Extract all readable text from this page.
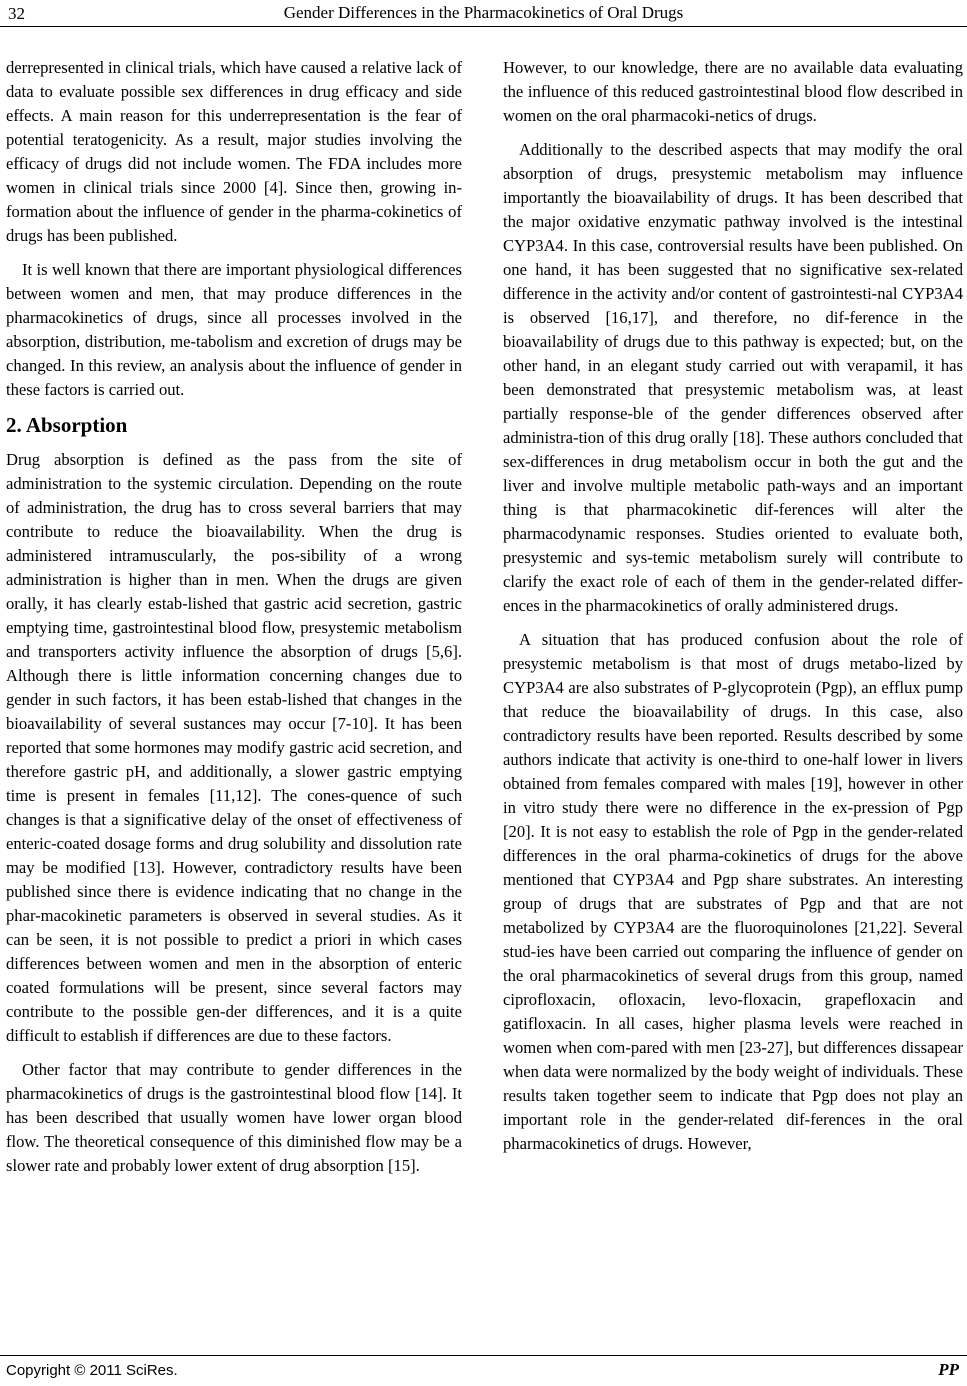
32	Gender Differences in the Pharmacokinetics of Oral Drugs

derrepresented in clinical trials, which have caused a relative lack of data to evaluate possible sex differences in drug efficacy and side effects. A main reason for this underrepresentation is the fear of potential teratogenicity. As a result, major studies involving the efficacy of drugs did not include women. The FDA includes more women in clinical trials since 2000 [4]. Since then, growing in-formation about the influence of gender in the pharma-cokinetics of drugs has been published.

It is well known that there are important physiological differences between women and men, that may produce differences in the pharmacokinetics of drugs, since all processes involved in the absorption, distribution, me-tabolism and excretion of drugs may be changed. In this review, an analysis about the influence of gender in these factors is carried out.

2. Absorption

Drug absorption is defined as the pass from the site of administration to the systemic circulation. Depending on the route of administration, the drug has to cross several barriers that may contribute to reduce the bioavailability. When the drug is administered intramuscularly, the pos-sibility of a wrong administration is higher than in men. When the drugs are given orally, it has clearly estab-lished that gastric acid secretion, gastric emptying time, gastrointestinal blood flow, presystemic metabolism and transporters activity influence the absorption of drugs [5,6]. Although there is little information concerning changes due to gender in such factors, it has been estab-lished that changes in the bioavailability of several sustances may occur [7-10]. It has been reported that some hormones may modify gastric acid secretion, and therefore gastric pH, and additionally, a slower gastric emptying time is present in females [11,12]. The cones-quence of such changes is that a significative delay of the onset of effectiveness of enteric-coated dosage forms and drug solubility and dissolution rate may be modified [13]. However, contradictory results have been published since there is evidence indicating that no change in the phar-macokinetic parameters is observed in several studies. As it can be seen, it is not possible to predict a priori in which cases differences between women and men in the absorption of enteric coated formulations will be present, since several factors may contribute to the possible gen-der differences, and it is a quite difficult to establish if differences are due to these factors.

Other factor that may contribute to gender differences in the pharmacokinetics of drugs is the gastrointestinal blood flow [14]. It has been described that usually women have lower organ blood flow. The theoretical consequence of this diminished flow may be a slower rate and probably lower extent of drug absorption [15].

However, to our knowledge, there are no available data evaluating the influence of this reduced gastrointestinal blood flow described in women on the oral pharmacoki-netics of drugs.

Additionally to the described aspects that may modify the oral absorption of drugs, presystemic metabolism may influence importantly the bioavailability of drugs. It has been described that the major oxidative enzymatic pathway involved is the intestinal CYP3A4. In this case, controversial results have been published. On one hand, it has been suggested that no significative sex-related difference in the activity and/or content of gastrointesti-nal CYP3A4 is observed [16,17], and therefore, no dif-ference in the bioavailability of drugs due to this pathway is expected; but, on the other hand, in an elegant study carried out with verapamil, it has been demonstrated that presystemic metabolism was, at least partially response-ble of the gender differences observed after administra-tion of this drug orally [18]. These authors concluded that sex-differences in drug metabolism occur in both the gut and the liver and involve multiple metabolic path-ways and an important thing is that pharmacokinetic dif-ferences will alter the pharmacodynamic responses. Studies oriented to evaluate both, presystemic and sys-temic metabolism surely will contribute to clarify the exact role of each of them in the gender-related differ-ences in the pharmacokinetics of orally administered drugs.

A situation that has produced confusion about the role of presystemic metabolism is that most of drugs metabo-lized by CYP3A4 are also substrates of P-glycoprotein (Pgp), an efflux pump that reduce the bioavailability of drugs. In this case, also contradictory results have been reported. Results described by some authors indicate that activity is one-third to one-half lower in livers obtained from females compared with males [19], however in other in vitro study there were no difference in the ex-pression of Pgp [20]. It is not easy to establish the role of Pgp in the gender-related differences in the oral pharma-cokinetics of drugs for the above mentioned that CYP3A4 and Pgp share substrates. An interesting group of drugs that are substrates of Pgp and that are not metabolized by CYP3A4 are the fluoroquinolones [21,22]. Several stud-ies have been carried out comparing the influence of gender on the oral pharmacokinetics of several drugs from this group, named ciprofloxacin, ofloxacin, levo-floxacin, grapefloxacin and gatifloxacin. In all cases, higher plasma levels were reached in women when com-pared with men [23-27], but differences dissapear when data were normalized by the body weight of individuals. These results taken together seem to indicate that Pgp does not play an important role in the gender-related dif-ferences in the oral pharmacokinetics of drugs. However,

Copyright © 2011 SciRes.	PP
